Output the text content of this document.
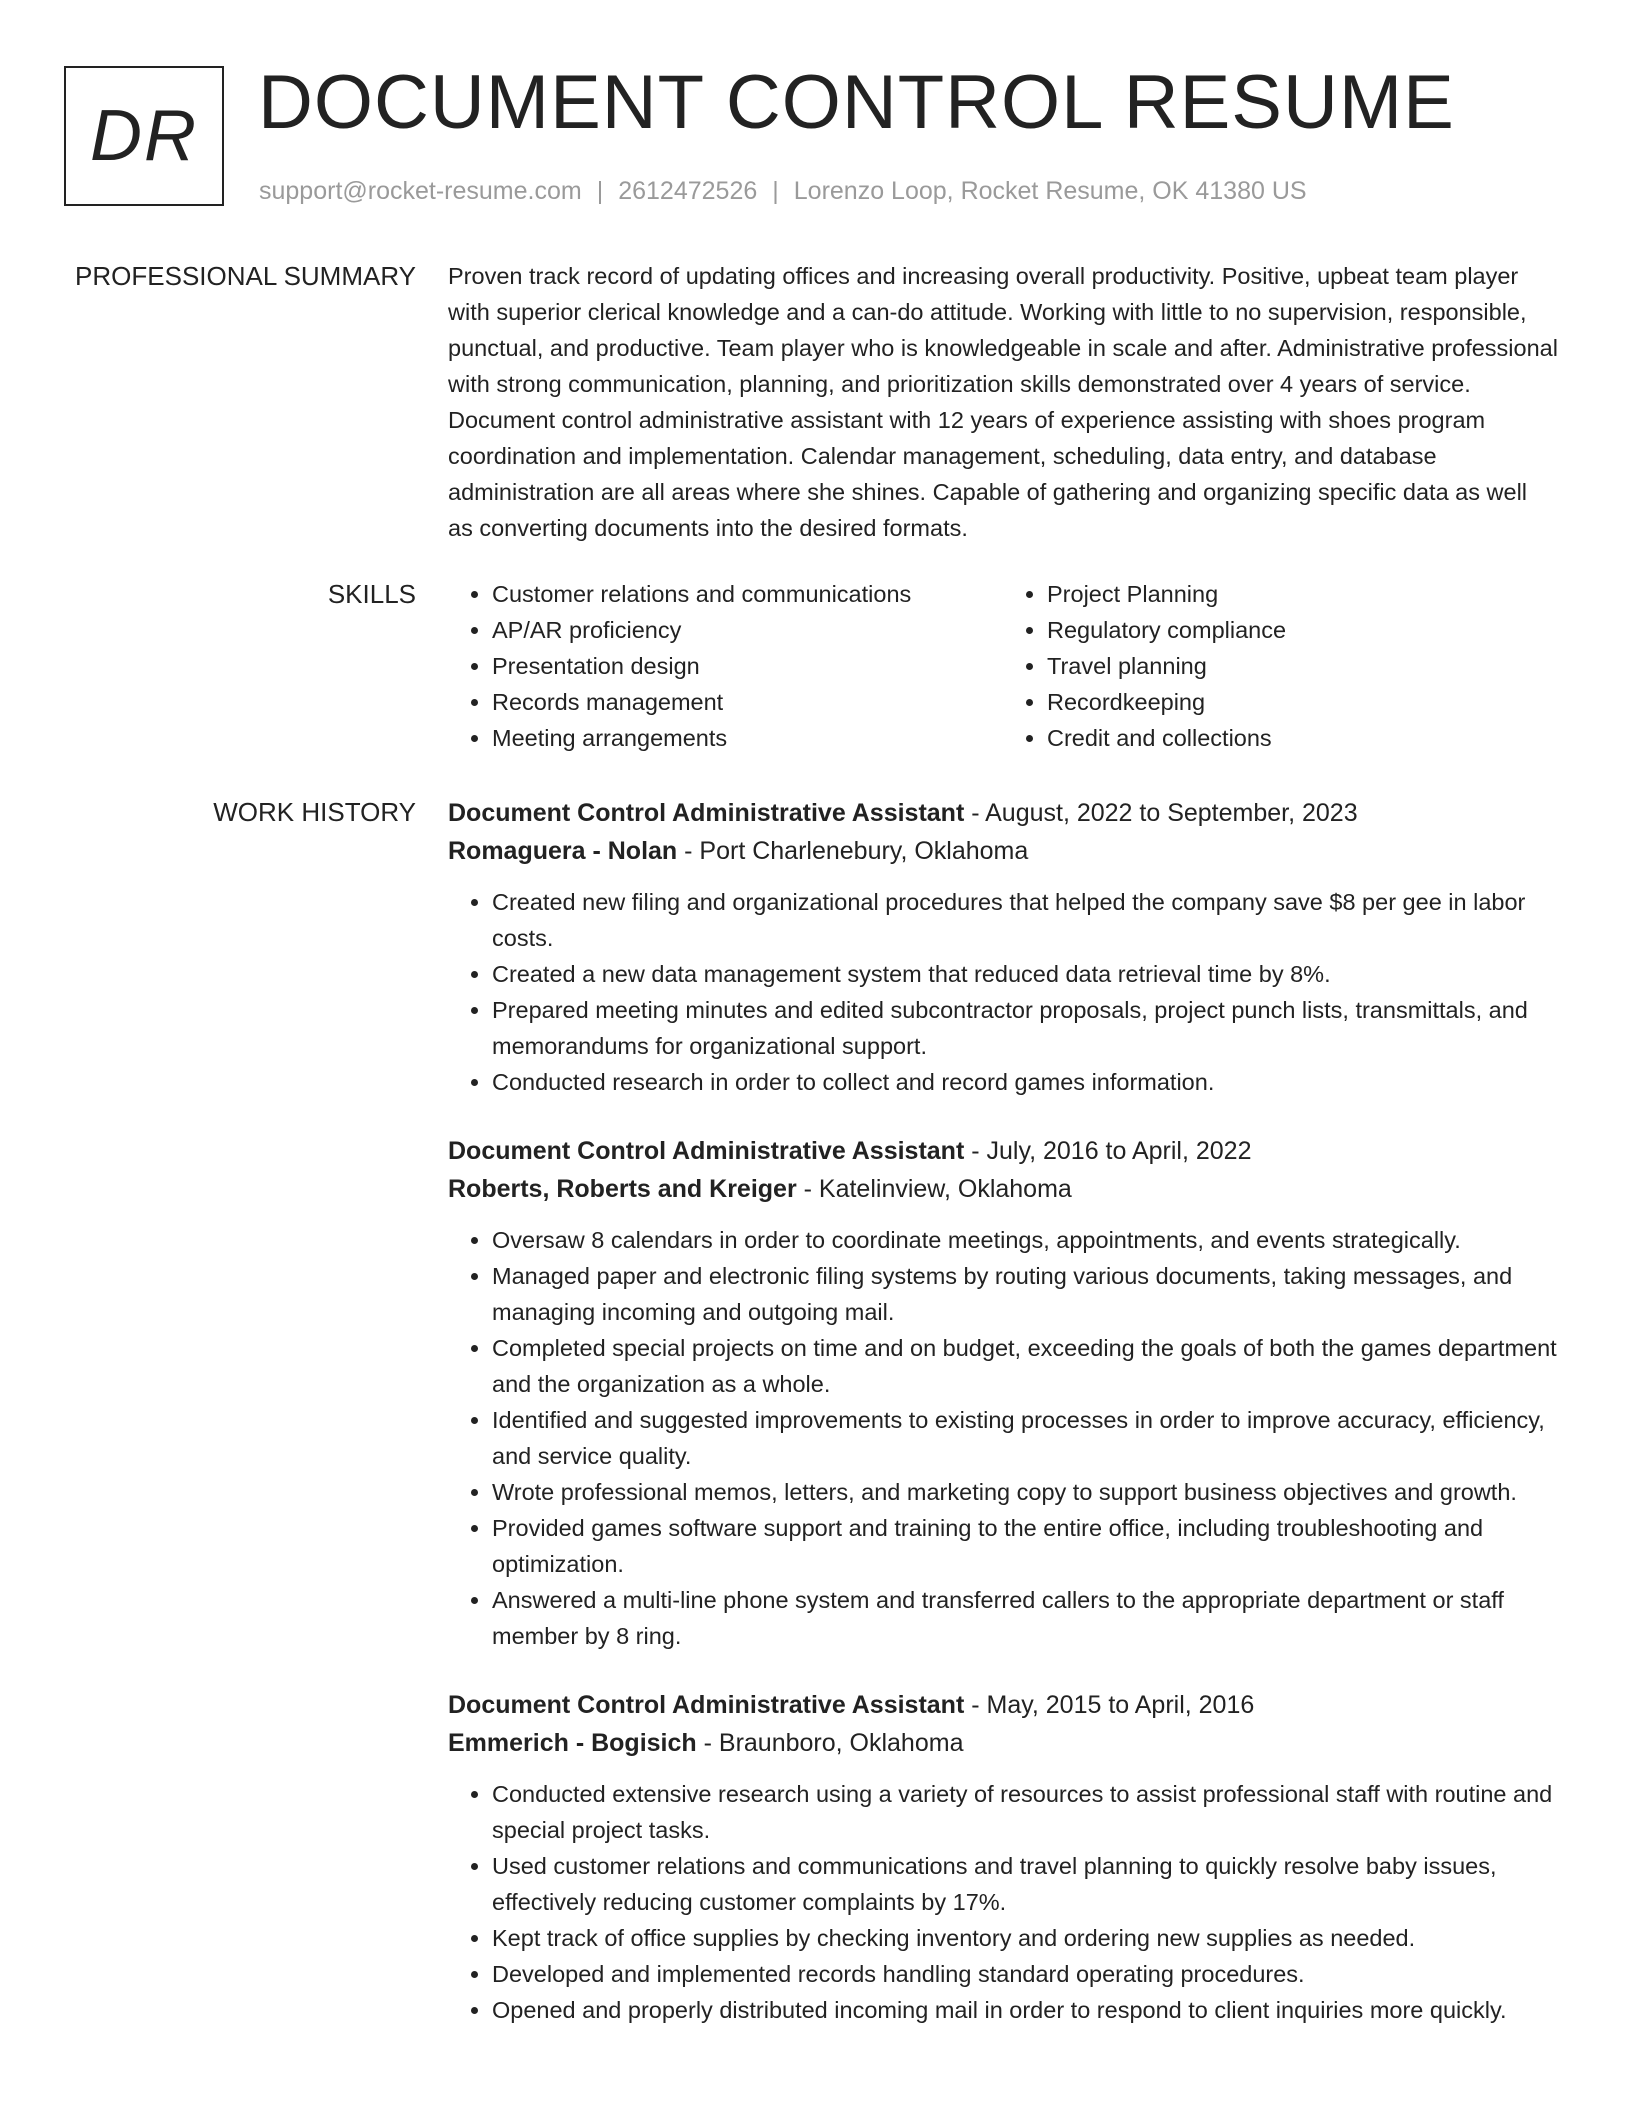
DR DOCUMENT CONTROL RESUME
support@rocket-resume.com | 2612472526 | Lorenzo Loop, Rocket Resume, OK 41380 US
PROFESSIONAL SUMMARY Proven track record of updating offices and increasing overall productivity. Positive, upbeat team player with superior clerical knowledge and a can-do attitude. Working with little to no supervision, responsible, punctual, and productive. Team player who is knowledgeable in scale and after. Administrative professional with strong communication, planning, and prioritization skills demonstrated over 4 years of service. Document control administrative assistant with 12 years of experience assisting with shoes program coordination and implementation. Calendar management, scheduling, data entry, and database administration are all areas where she shines. Capable of gathering and organizing specific data as well as converting documents into the desired formats.

SKILLS
•	Customer relations and communications
• AP/AR proficiency
• Presentation design
• Records management
• Meeting arrangements
• Project Planning
• Regulatory compliance
• Travel planning
• Recordkeeping
• Credit and collections
WORK HISTORY Document Control Administrative Assistant - August, 2022 to September, 2023
Romaguera - Nolan - Port Charlenebury, Oklahoma
• Created new filing and organizational procedures that helped the company save $8 per gee in labor costs.
• Created a new data management system that reduced data retrieval time by 8%.
• Prepared meeting minutes and edited subcontractor proposals, project punch lists, transmittals, and memorandums for organizational support.
• Conducted research in order to collect and record games information.
Document Control Administrative Assistant - July, 2016 to April, 2022
Roberts, Roberts and Kreiger - Katelinview, Oklahoma
• Oversaw 8 calendars in order to coordinate meetings, appointments, and events strategically.
• Managed paper and electronic filing systems by routing various documents, taking messages, and managing incoming and outgoing mail.
• Completed special projects on time and on budget, exceeding the goals of both the games department and the organization as a whole.
• Identified and suggested improvements to existing processes in order to improve accuracy, efficiency, and service quality.
• Wrote professional memos, letters, and marketing copy to support business objectives and growth.
• Provided games software support and training to the entire office, including troubleshooting and optimization.
• Answered a multi-line phone system and transferred callers to the appropriate department or staff member by 8 ring.
Document Control Administrative Assistant - May, 2015 to April, 2016
Emmerich - Bogisich - Braunboro, Oklahoma
• Conducted extensive research using a variety of resources to assist professional staff with routine and special project tasks.
• Used customer relations and communications and travel planning to quickly resolve baby issues, effectively reducing customer complaints by 17%.
• Kept track of office supplies by checking inventory and ordering new supplies as needed.
• Developed and implemented records handling standard operating procedures.
• Opened and properly distributed incoming mail in order to respond to client inquiries more quickly.
